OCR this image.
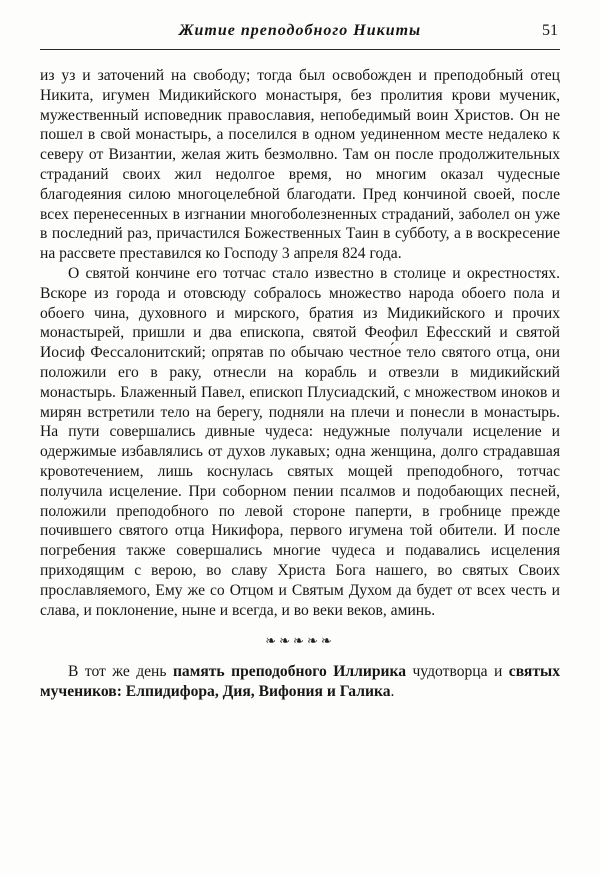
Житие преподобного Никиты	51

из уз и заточений на свободу; тогда был освобожден и преподобный отец Никита, игумен Мидикийского монастыря, без пролития крови мученик, мужественный исповедник православия, непобедимый воин Христов. Он не пошел в свой монастырь, а поселился в одном уединенном месте недалеко к северу от Византии, желая жить безмолвно. Там он после продолжительных страданий своих жил недолгое время, но многим оказал чудесные благодеяния силою многоцелебной благодати. Пред кончиной своей, после всех перенесенных в изгнании многоболезненных страданий, заболел он уже в последний раз, причастился Божественных Таин в субботу, а в воскресение на рассвете преставился ко Господу 3 апреля 824 года.

О святой кончине его тотчас стало известно в столице и окрестностях. Вскоре из города и отовсюду собралось множество народа обоего пола и обоего чина, духовного и мирского, братия из Мидикийского и прочих монастырей, пришли и два епископа, святой Феофил Ефесский и святой Иосиф Фессалонитский; опрятав по обычаю честно́е тело святого отца, они положили его в раку, отнесли на корабль и отвезли в мидикийский монастырь. Блаженный Павел, епископ Плусиадский, с множеством иноков и мирян встретили тело на берегу, подняли на плечи и понесли в монастырь. На пути совершались дивные чудеса: недужные получали исцеление и одержимые избавлялись от духов лукавых; одна женщина, долго страдавшая кровотечением, лишь коснулась святых мощей преподобного, тотчас получила исцеление. При соборном пении псалмов и подобающих песней, положили преподобного по левой стороне паперти, в гробнице прежде почившего святого отца Никифора, первого игумена той обители. И после погребения также совершались многие чудеса и подавались исцеления приходящим с верою, во славу Христа Бога нашего, во святых Своих прославляемого, Ему же со Отцом и Святым Духом да будет от всех честь и слава, и поклонение, ныне и всегда, и во веки веков, аминь.

❧❧❧❧❧

В тот же день память преподобного Иллирика чудотворца и святых мучеников: Елпидифора, Дия, Вифония и Галика.
